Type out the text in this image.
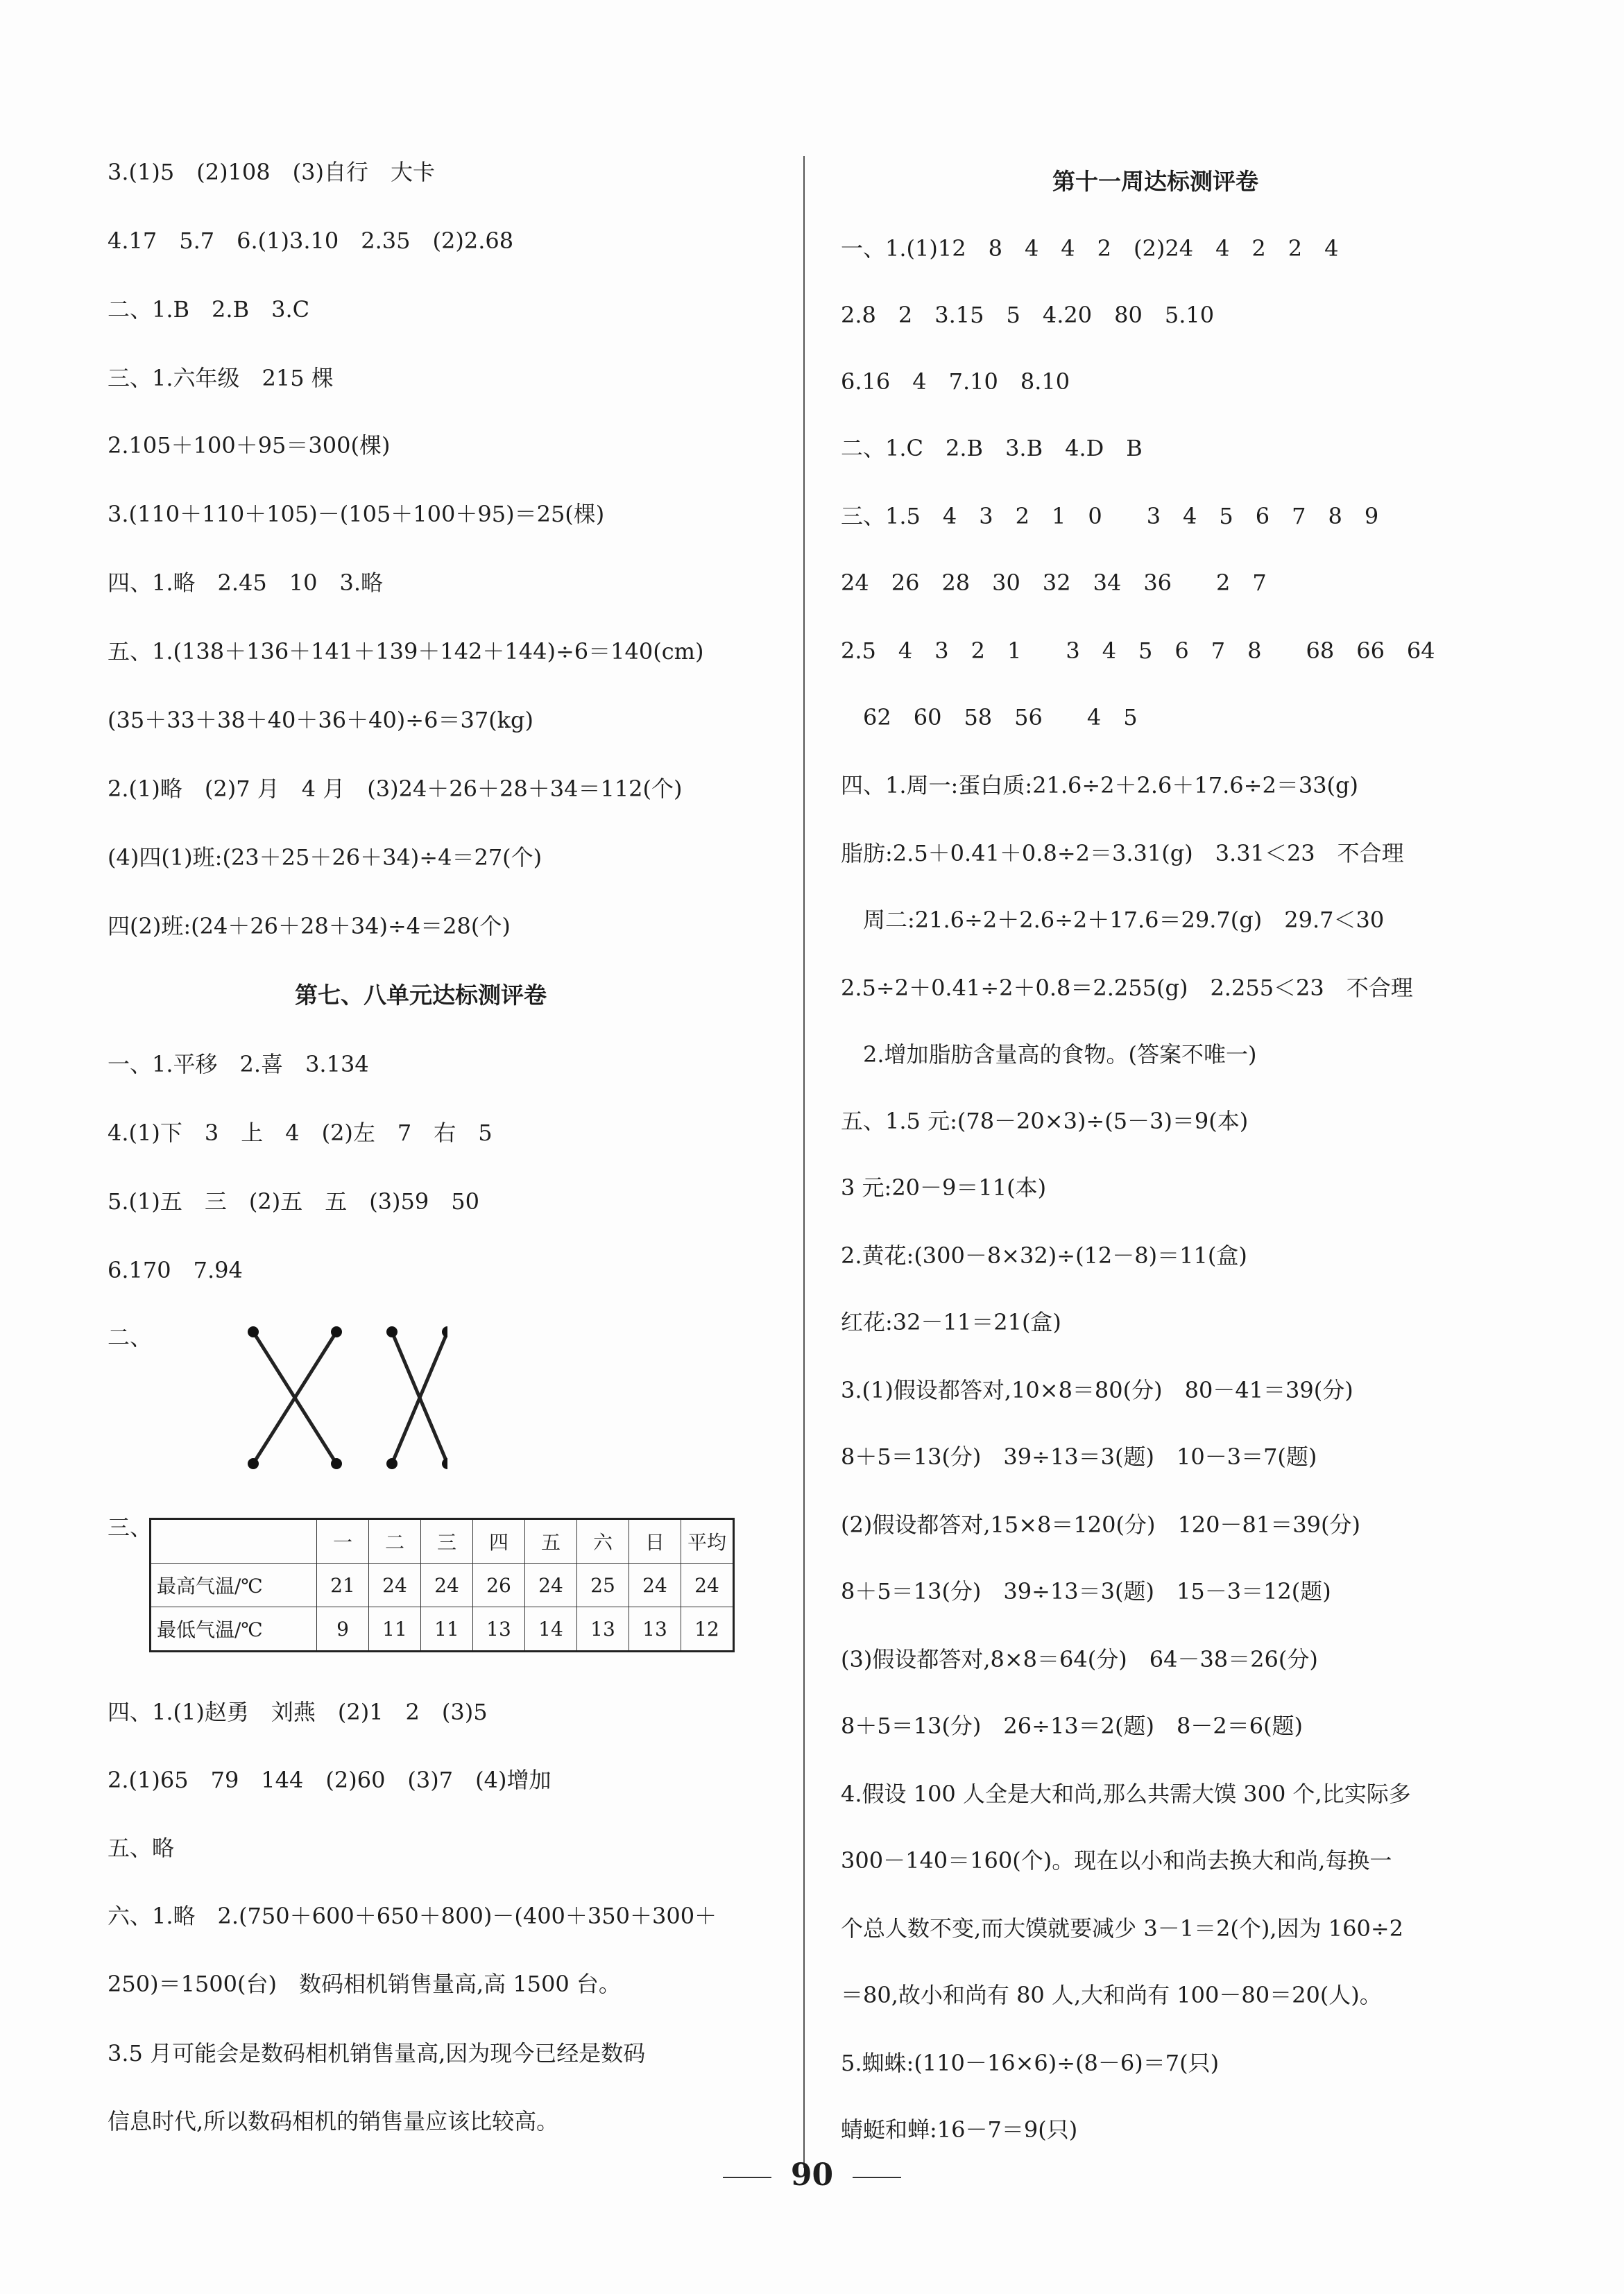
3.(1)5　(2)108　(3)自行　大卡
4.17　5.7　6.(1)3.10　2.35　(2)2.68
二、1.B　2.B　3.C
三、1.六年级　215 棵
2.105＋100＋95＝300(棵)
3.(110＋110＋105)－(105＋100＋95)＝25(棵)
四、1.略　2.45　10　3.略
五、1.(138＋136＋141＋139＋142＋144)÷6＝140(cm)
(35＋33＋38＋40＋36＋40)÷6＝37(kg)
2.(1)略　(2)7 月　4 月　(3)24＋26＋28＋34＝112(个)
(4)四(1)班:(23＋25＋26＋34)÷4＝27(个)
四(2)班:(24＋26＋28＋34)÷4＝28(个)
第七、八单元达标测评卷
一、1.平移　2.喜　3.134
4.(1)下　3　上　4　(2)左　7　右　5
5.(1)五　三　(2)五　五　(3)59　50
6.170　7.94
二、
三、
	一	二	三	四	五	六	日	平均
最高气温/℃	21	24	24	26	24	25	24	24
最低气温/℃	9	11	11	13	14	13	13	12
四、1.(1)赵勇　刘燕　(2)1　2　(3)5
2.(1)65　79　144　(2)60　(3)7　(4)增加
五、略
六、1.略　2.(750＋600＋650＋800)－(400＋350＋300＋
250)＝1500(台)　数码相机销售量高,高 1500 台。
3.5 月可能会是数码相机销售量高,因为现今已经是数码
信息时代,所以数码相机的销售量应该比较高。
第十一周达标测评卷
一、1.(1)12　8　4　4　2　(2)24　4　2　2　4
2.8　2　3.15　5　4.20　80　5.10
6.16　4　7.10　8.10
二、1.C　2.B　3.B　4.D　B
三、1.5　4　3　2　1　0　　3　4　5　6　7　8　9
24　26　28　30　32　34　36　　2　7
2.5　4　3　2　1　　3　4　5　6　7　8　　68　66　64
　62　60　58　56　　4　5
四、1.周一:蛋白质:21.6÷2＋2.6＋17.6÷2＝33(g)
脂肪:2.5＋0.41＋0.8÷2＝3.31(g)　3.31＜23　不合理
　周二:21.6÷2＋2.6÷2＋17.6＝29.7(g)　29.7＜30
2.5÷2＋0.41÷2＋0.8＝2.255(g)　2.255＜23　不合理
　2.增加脂肪含量高的食物。(答案不唯一)
五、1.5 元:(78－20×3)÷(5－3)＝9(本)
3 元:20－9＝11(本)
2.黄花:(300－8×32)÷(12－8)＝11(盒)
红花:32－11＝21(盒)
3.(1)假设都答对,10×8＝80(分)　80－41＝39(分)
8＋5＝13(分)　39÷13＝3(题)　10－3＝7(题)
(2)假设都答对,15×8＝120(分)　120－81＝39(分)
8＋5＝13(分)　39÷13＝3(题)　15－3＝12(题)
(3)假设都答对,8×8＝64(分)　64－38＝26(分)
8＋5＝13(分)　26÷13＝2(题)　8－2＝6(题)
4.假设 100 人全是大和尚,那么共需大馍 300 个,比实际多
300－140＝160(个)。现在以小和尚去换大和尚,每换一
个总人数不变,而大馍就要减少 3－1＝2(个),因为 160÷2
＝80,故小和尚有 80 人,大和尚有 100－80＝20(人)。
5.蜘蛛:(110－16×6)÷(8－6)＝7(只)
蜻蜓和蝉:16－7＝9(只)
90
